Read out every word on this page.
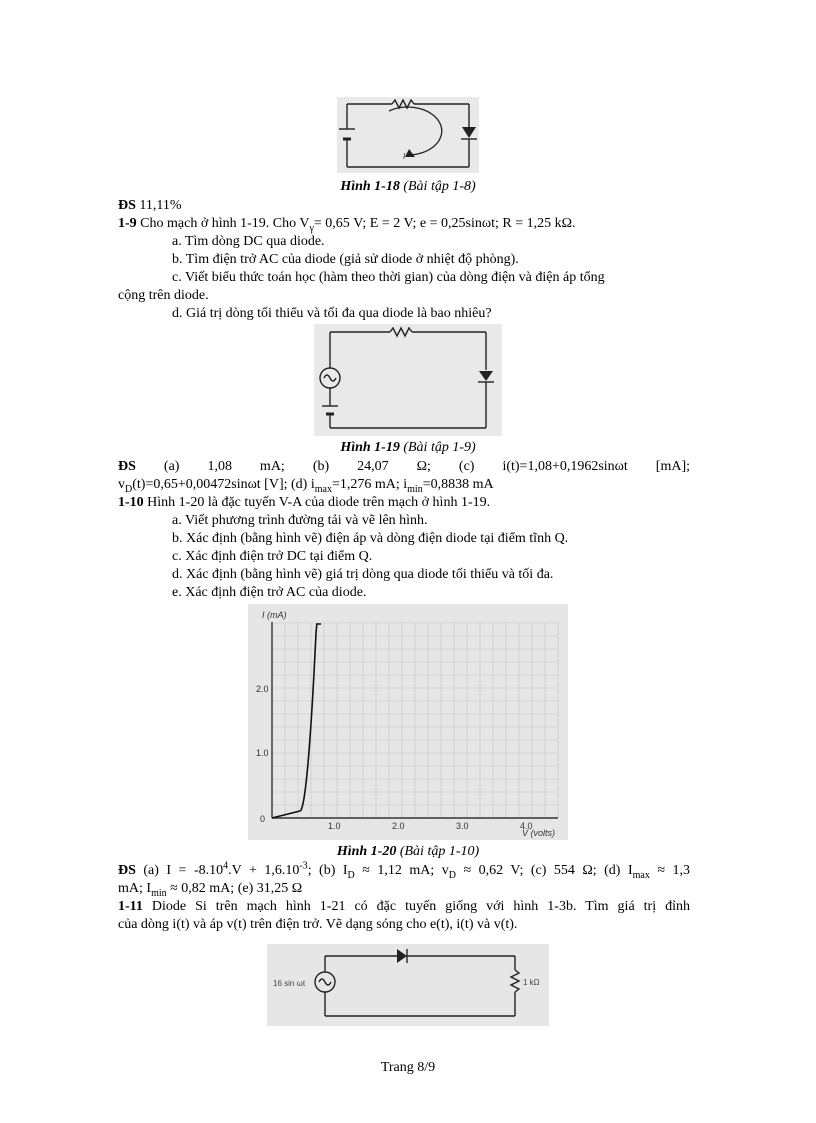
I
Hình 1-18 (Bài tập 1-8)
ĐS 11,11%
1-9 Cho mạch ở hình 1-19. Cho $V_\gamma= 0,65$ V; E = 2 V; e = 0,25sinωt; R = 1,25 kΩ.
a. Tìm dòng DC qua diode.
b. Tìm điện trở AC của diode (giả sử diode ở nhiệt độ phòng).
c. Viết biểu thức toán học (hàm theo thời gian) của dòng điện và điện áp tổng
cộng trên diode.
d. Giá trị dòng tối thiểu và tối đa qua diode là bao nhiêu?
Hình 1-19 (Bài tập 1-9)
ĐS (a) 1,08 mA; (b) 24,07 Ω; (c) i(t)=1,08+0,1962sinωt [mA];
$v_D(t)=0,65+0,00472\sin\omega t$ [V]; (d) $i_{max}=1,276$ mA; $i_{min}=0,8838$ mA
1-10 Hình 1-20 là đặc tuyến V-A của diode trên mạch ở hình 1-19.
a. Viết phương trình đường tải và vẽ lên hình.
b. Xác định (bằng hình vẽ) điện áp và dòng điện diode tại điểm tĩnh Q.
c. Xác định điện trở DC tại điểm Q.
d. Xác định (bằng hình vẽ) giá trị dòng qua diode tối thiểu và tối đa.
e. Xác định điện trở AC của diode.
I (mA)
V (volts)
2.0
1.0
0
1.0	2.0	3.0	4.0
Hình 1-20 (Bài tập 1-10)
ĐS (a) $I = -8.10^4.V + 1,6.10^{-3}$; (b) $I_D \approx 1,12$ mA; $v_D \approx 0,62$ V; (c) 554 Ω; (d) $I_{max} \approx 1,3$
mA; $I_{min} \approx 0,82$ mA; (e) 31,25 Ω
1-11 Diode Si trên mạch hình 1-21 có đặc tuyến giống với hình 1-3b. Tìm giá trị đỉnh
của dòng i(t) và áp v(t) trên điện trở. Vẽ dạng sóng cho e(t), i(t) và v(t).
16 sin ωt	1 kΩ
Trang 8/9
